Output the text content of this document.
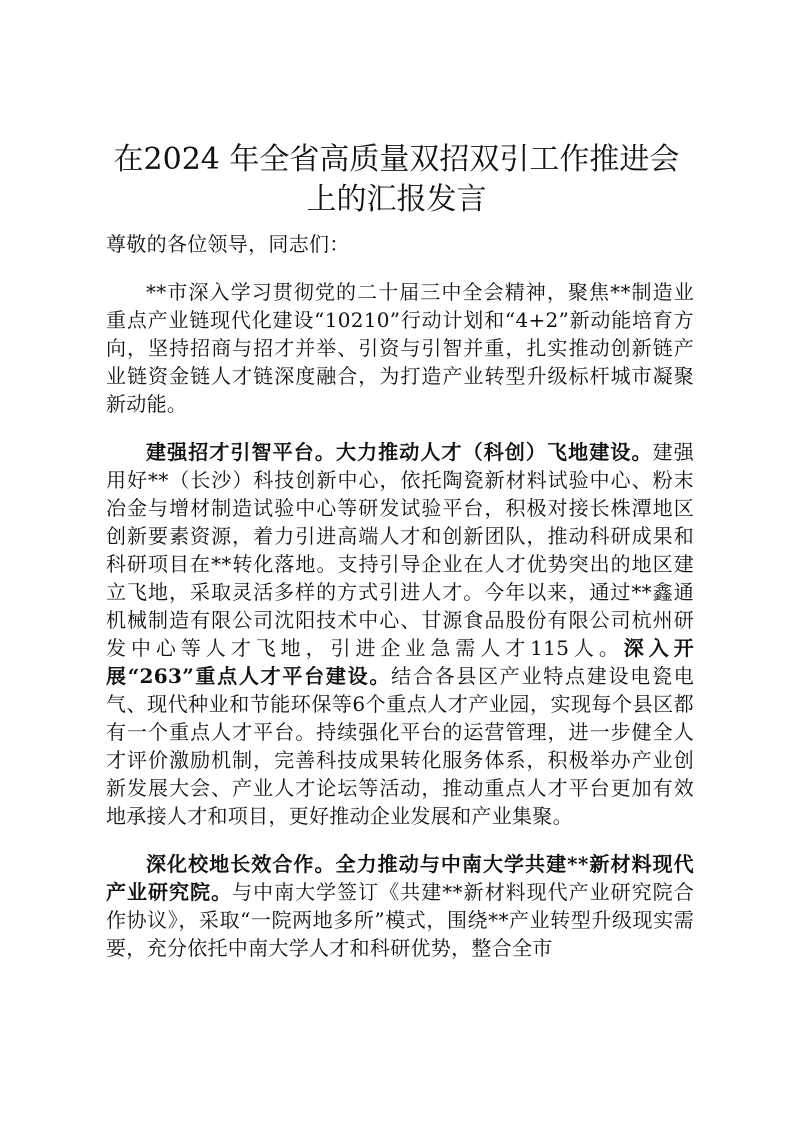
在2024 年全省高质量双招双引工作推进会上的汇报发言

尊敬的各位领导，同志们：

**市深入学习贯彻党的二十届三中全会精神，聚焦**制造业重点产业链现代化建设“10210”行动计划和“4+2”新动能培育方向，坚持招商与招才并举、引资与引智并重，扎实推动创新链产业链资金链人才链深度融合，为打造产业转型升级标杆城市凝聚新动能。

建强招才引智平台。大力推动人才（科创）飞地建设。建强用好**（长沙）科技创新中心，依托陶瓷新材料试验中心、粉末冶金与增材制造试验中心等研发试验平台，积极对接长株潭地区创新要素资源，着力引进高端人才和创新团队，推动科研成果和科研项目在**转化落地。支持引导企业在人才优势突出的地区建立飞地，采取灵活多样的方式引进人才。今年以来，通过**鑫通机械制造有限公司沈阳技术中心、甘源食品股份有限公司杭州研发中心等人才飞地，引进企业急需人才115人。深入开展“263”重点人才平台建设。结合各县区产业特点建设电瓷电气、现代种业和节能环保等6个重点人才产业园，实现每个县区都有一个重点人才平台。持续强化平台的运营管理，进一步健全人才评价激励机制，完善科技成果转化服务体系，积极举办产业创新发展大会、产业人才论坛等活动，推动重点人才平台更加有效地承接人才和项目，更好推动企业发展和产业集聚。

深化校地长效合作。全力推动与中南大学共建**新材料现代产业研究院。与中南大学签订《共建**新材料现代产业研究院合作协议》，采取“一院两地多所”模式，围绕**产业转型升级现实需要，充分依托中南大学人才和科研优势，整合全市
